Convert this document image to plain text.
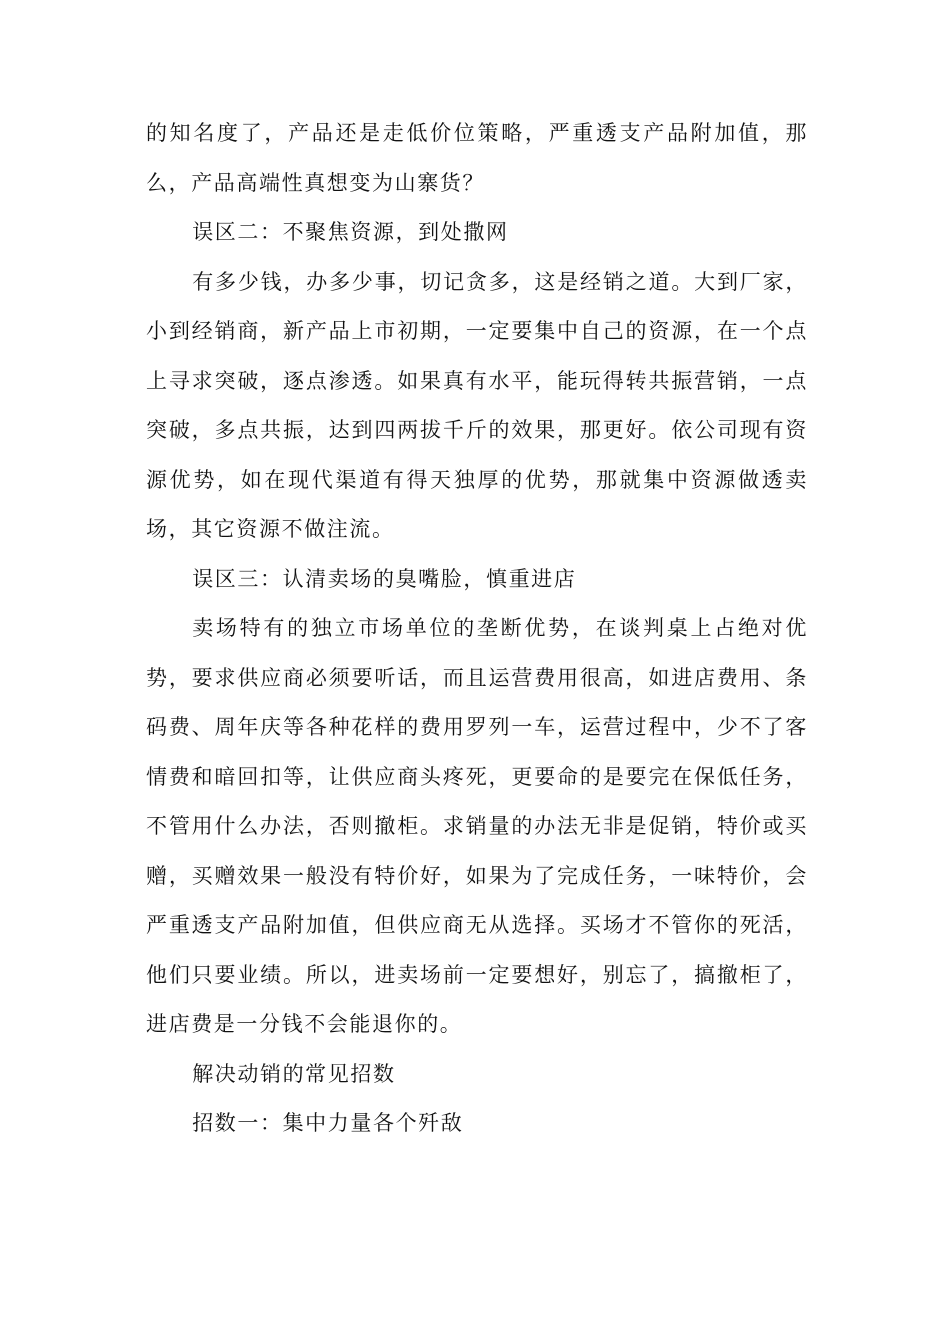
的知名度了，产品还是走低价位策略，严重透支产品附加值，那么，产品高端性真想变为山寨货？

误区二：不聚焦资源，到处撒网

有多少钱，办多少事，切记贪多，这是经销之道。大到厂家，小到经销商，新产品上市初期，一定要集中自己的资源，在一个点上寻求突破，逐点渗透。如果真有水平，能玩得转共振营销，一点突破，多点共振，达到四两拔千斤的效果，那更好。依公司现有资源优势，如在现代渠道有得天独厚的优势，那就集中资源做透卖场，其它资源不做注流。

误区三：认清卖场的臭嘴脸，慎重进店

卖场特有的独立市场单位的垄断优势，在谈判桌上占绝对优势，要求供应商必须要听话，而且运营费用很高，如进店费用、条码费、周年庆等各种花样的费用罗列一车，运营过程中，少不了客情费和暗回扣等，让供应商头疼死，更要命的是要完在保低任务，不管用什么办法，否则撤柜。求销量的办法无非是促销，特价或买赠，买赠效果一般没有特价好，如果为了完成任务，一味特价，会严重透支产品附加值，但供应商无从选择。买场才不管你的死活，他们只要业绩。所以，进卖场前一定要想好，别忘了，搞撤柜了，进店费是一分钱不会能退你的。

解决动销的常见招数

招数一：集中力量各个歼敌
